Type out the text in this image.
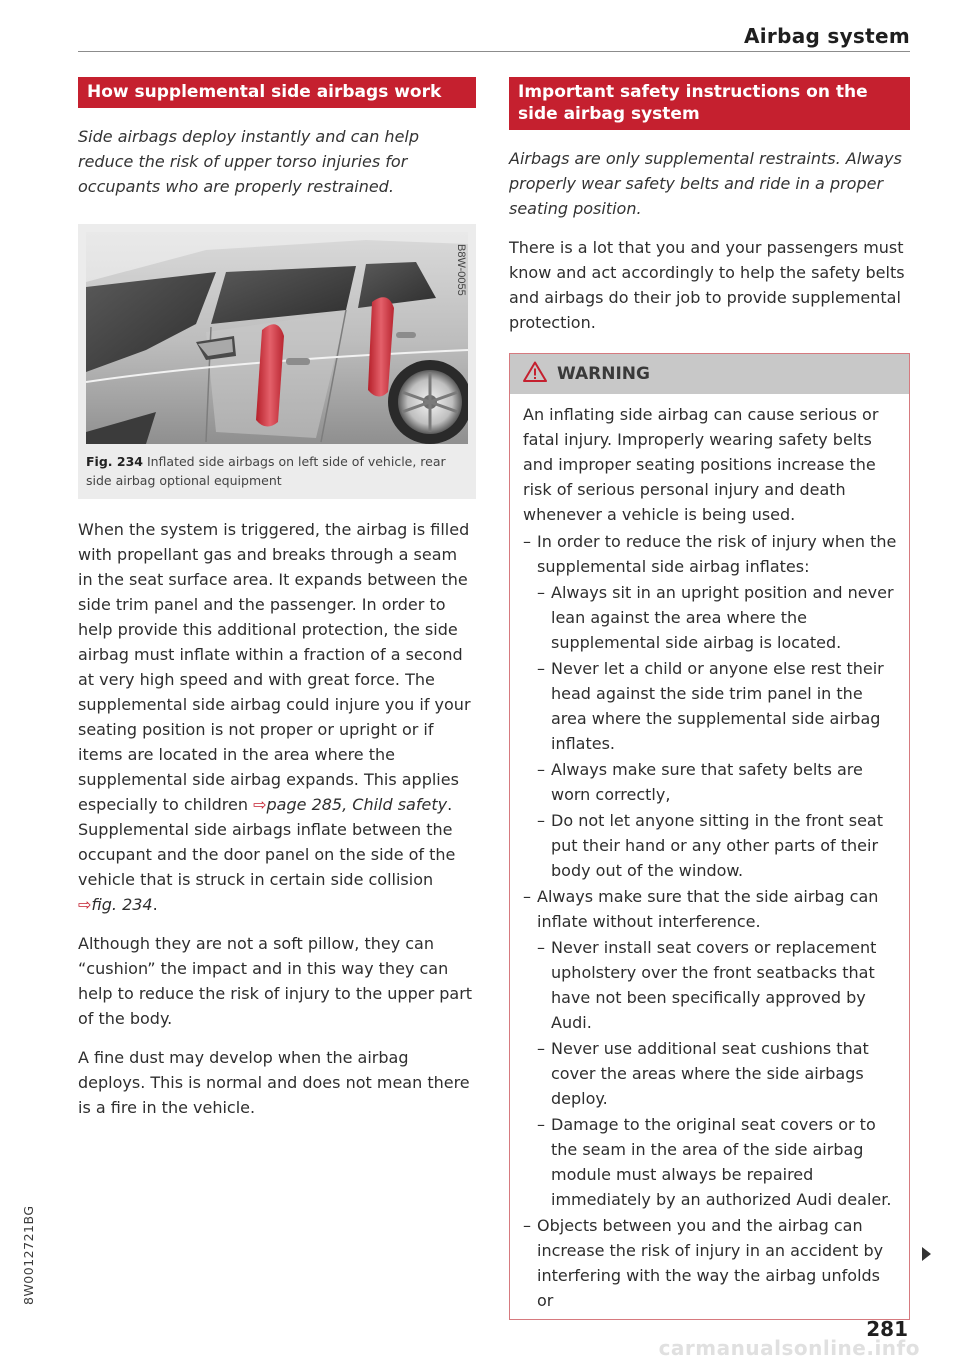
Airbag system
How supplemental side airbags work

Side airbags deploy instantly and can help reduce the risk of upper torso injuries for occupants who are properly restrained.

B8W-0055
Fig. 234 Inflated side airbags on left side of vehicle, rear side airbag optional equipment

When the system is triggered, the airbag is filled with propellant gas and breaks through a seam in the seat surface area. It expands between the side trim panel and the passenger. In order to help provide this additional protection, the side airbag must inflate within a fraction of a second at very high speed and with great force. The supplemental side airbag could injure you if your seating position is not proper or upright or if items are located in the area where the supplemental side airbag expands. This applies especially to children ⇨page 285, Child safety. Supplemental side airbags inflate between the occupant and the door panel on the side of the vehicle that is struck in certain side collision ⇨fig. 234.

Although they are not a soft pillow, they can “cushion” the impact and in this way they can help to reduce the risk of injury to the upper part of the body.

A fine dust may develop when the airbag deploys. This is normal and does not mean there is a fire in the vehicle.

Important safety instructions on the side airbag system

Airbags are only supplemental restraints. Always properly wear safety belts and ride in a proper seating position.

There is a lot that you and your passengers must know and act accordingly to help the safety belts and airbags do their job to provide supplemental protection.

WARNING

An inflating side airbag can cause serious or fatal injury. Improperly wearing safety belts and improper seating positions increase the risk of serious personal injury and death whenever a vehicle is being used.

– In order to reduce the risk of injury when the supplemental side airbag inflates:
– Always sit in an upright position and never lean against the area where the supplemental side airbag is located.
– Never let a child or anyone else rest their head against the side trim panel in the area where the supplemental side airbag inflates.
– Always make sure that safety belts are worn correctly,
– Do not let anyone sitting in the front seat put their hand or any other parts of their body out of the window.
– Always make sure that the side airbag can inflate without interference.
– Never install seat covers or replacement upholstery over the front seatbacks that have not been specifically approved by Audi.
– Never use additional seat cushions that cover the areas where the side airbags deploy.
– Damage to the original seat covers or to the seam in the area of the side airbag module must always be repaired immediately by an authorized Audi dealer.
– Objects between you and the airbag can increase the risk of injury in an accident by interfering with the way the airbag unfolds or
8W0012721BG
281
carmanualsonline.info
